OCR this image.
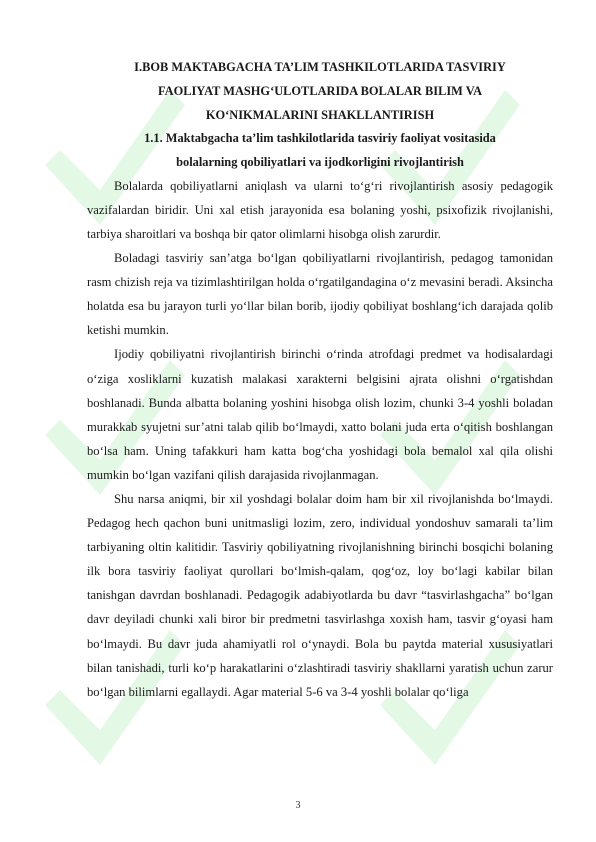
I.BOB MAKTABGACHA TA’LIM TASHKILOTLARIDA TASVIRIY

FAOLIYAT MASHG‘ULOTLARIDA BOLALAR BILIM VA

KO‘NIKMALARINI SHAKLLANTIRISH

1.1. Maktabgacha ta’lim tashkilotlarida tasviriy faoliyat vositasida

bolalarning qobiliyatlari va ijodkorligini rivojlantirish

Bolalarda qobiliyatlarni aniqlash va ularni to‘g‘ri rivojlantirish asosiy pedagogik vazifalardan biridir. Uni xal etish jarayonida esa bolaning yoshi, psixofizik rivojlanishi, tarbiya sharoitlari va boshqa bir qator olimlarni hisobga olish zarurdir.

Boladagi tasviriy san’atga bo‘lgan qobiliyatlarni rivojlantirish, pedagog tamonidan rasm chizish reja va tizimlashtirilgan holda o‘rgatilgandagina o‘z mevasini beradi. Aksincha holatda esa bu jarayon turli yo‘llar bilan borib, ijodiy qobiliyat boshlang‘ich darajada qolib ketishi mumkin.

Ijodiy qobiliyatni rivojlantirish birinchi o‘rinda atrofdagi predmet va hodisalardagi o‘ziga xosliklarni kuzatish malakasi xarakterni belgisini ajrata olishni o‘rgatishdan boshlanadi. Bunda albatta bolaning yoshini hisobga olish lozim, chunki 3-4 yoshli boladan murakkab syujetni sur’atni talab qilib bo‘lmaydi, xatto bolani juda erta o‘qitish boshlangan bo‘lsa ham. Uning tafakkuri ham katta bog‘cha yoshidagi bola bemalol xal qila olishi mumkin bo‘lgan vazifani qilish darajasida rivojlanmagan.

Shu narsa aniqmi, bir xil yoshdagi bolalar doim ham bir xil rivojlanishda bo‘lmaydi. Pedagog hech qachon buni unitmasligi lozim, zero, individual yondoshuv samarali ta’lim tarbiyaning oltin kalitidir. Tasviriy qobiliyatning rivojlanishning birinchi bosqichi bolaning ilk bora tasviriy faoliyat qurollari bo‘lmish-qalam, qog‘oz, loy bo‘lagi kabilar bilan tanishgan davrdan boshlanadi. Pedagogik adabiyotlarda bu davr “tasvirlashgacha” bo‘lgan davr deyiladi chunki xali biror bir predmetni tasvirlashga xoxish ham, tasvir g‘oyasi ham bo‘lmaydi. Bu davr juda ahamiyatli rol o‘ynaydi. Bola bu paytda material xususiyatlari bilan tanishadi, turli ko‘p harakatlarini o‘zlashtiradi tasviriy shakllarni yaratish uchun zarur bo‘lgan bilimlarni egallaydi. Agar material 5-6 va 3-4 yoshli bolalar qo‘liga

3
